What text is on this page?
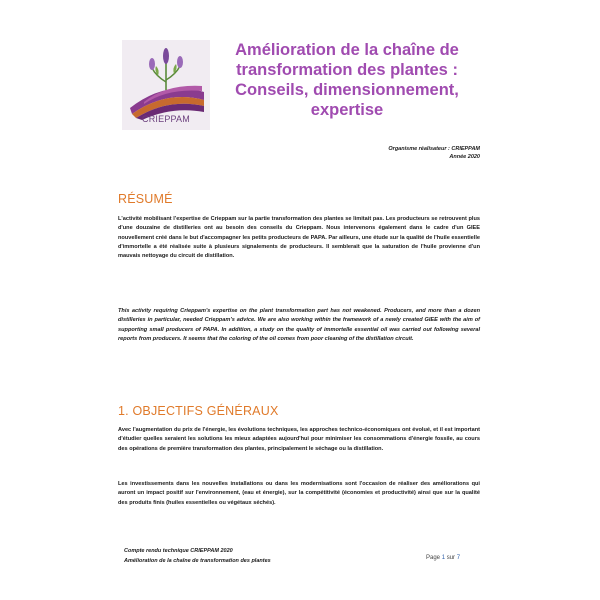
CRIEPPAM
Amélioration de la chaîne de transformation des plantes : Conseils, dimensionnement, expertise
Organisme réalisateur : CRIEPPAM
Année 2020
RÉSUMÉ

L'activité mobilisant l'expertise de Crieppam sur la partie transformation des plantes se limitait pas. Les producteurs se retrouvent plus d'une douzaine de distilleries ont au besoin des conseils du Crieppam. Nous intervenons également dans le cadre d'un GIEE nouvellement créé dans le but d'accompagner les petits producteurs de PAPA. Par ailleurs, une étude sur la qualité de l'huile essentielle d'immortelle a été réalisée suite à plusieurs signalements de producteurs. Il semblerait que la saturation de l'huile provienne d'un mauvais nettoyage du circuit de distillation.

This activity requiring Crieppam's expertise on the plant transformation part has not weakened. Producers, and more than a dozen distilleries in particular, needed Crieppam's advice. We are also working within the framework of a newly created GIEE with the aim of supporting small producers of PAPA. In addition, a study on the quality of immortelle essential oil was carried out following several reports from producers. It seems that the coloring of the oil comes from poor cleaning of the distillation circuit.

1. OBJECTIFS GÉNÉRAUX

Avec l'augmentation du prix de l'énergie, les évolutions techniques, les approches technico-économiques ont évolué, et il est important d'étudier quelles seraient les solutions les mieux adaptées aujourd'hui pour minimiser les consommations d'énergie fossile, au cours des opérations de première transformation des plantes, principalement le séchage ou la distillation.

Les investissements dans les nouvelles installations ou dans les modernisations sont l'occasion de réaliser des améliorations qui auront un impact positif sur l'environnement, (eau et énergie), sur la compétitivité (économies et productivité) ainsi que sur la qualité des produits finis (huiles essentielles ou végétaux séchés).

Compte rendu technique CRIEPPAM 2020
Amélioration de la chaîne de transformation des plantes	Page 1 sur 7
